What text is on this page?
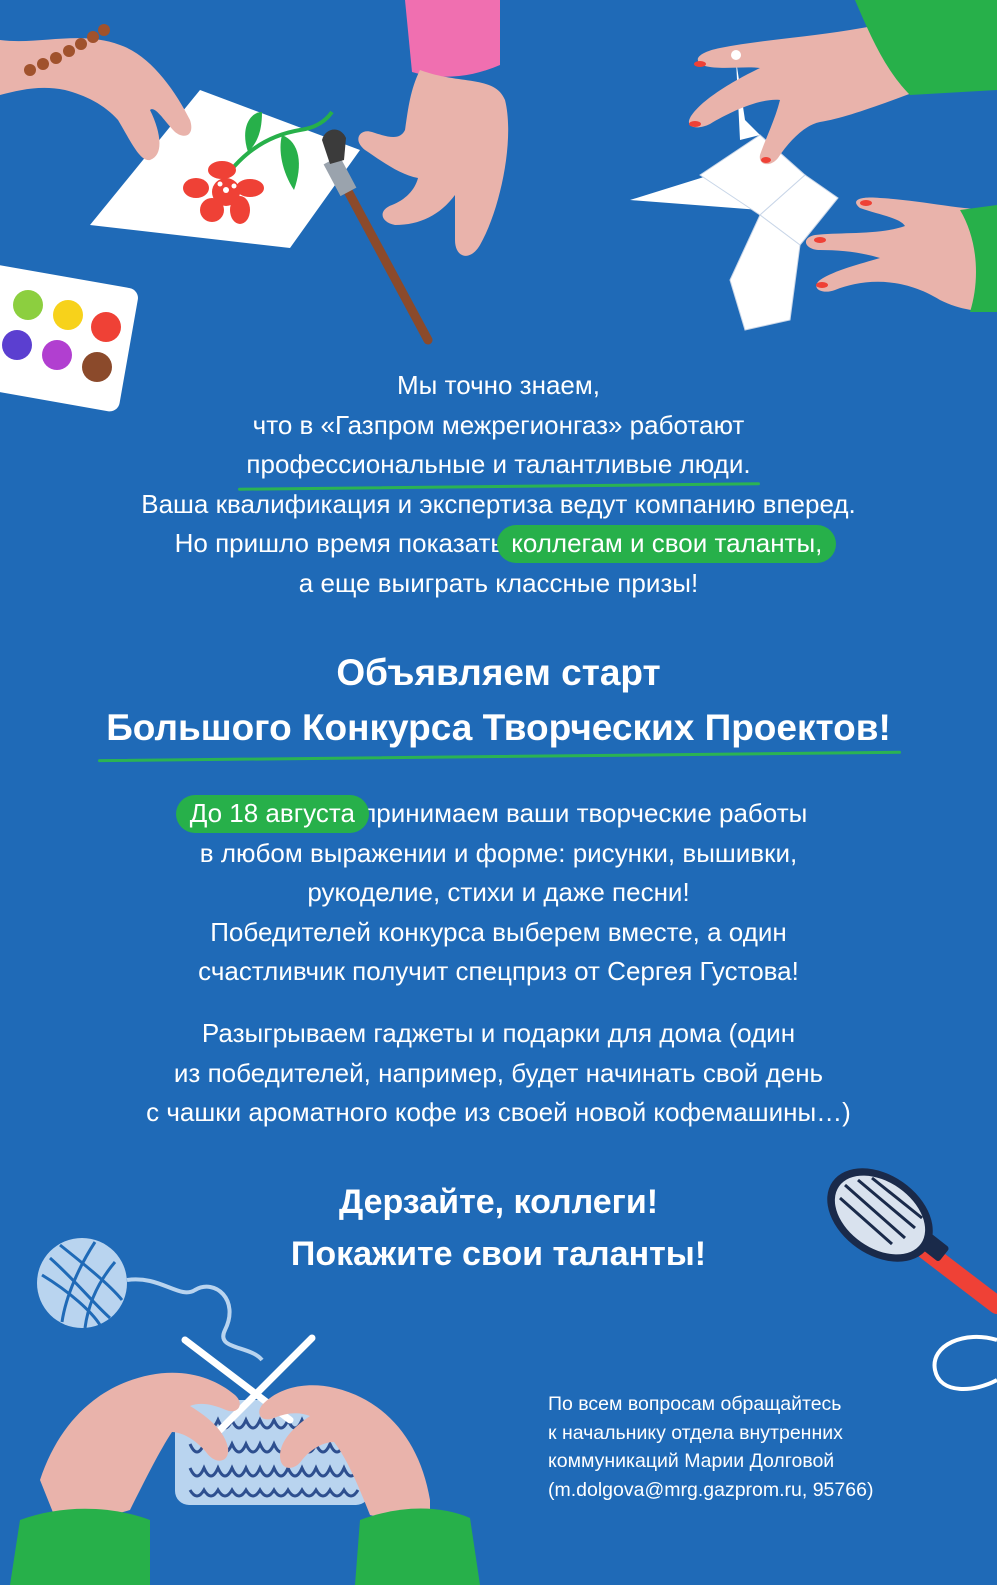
Мы точно знаем,
что в «Газпром межрегионгаз» работают
профессиональные и талантливые люди.
Ваша квалификация и экспертиза ведут компанию вперед.
Но пришло время показать коллегам и свои таланты,
а еще выиграть классные призы!
Объявляем старт
Большого Конкурса Творческих Проектов!
До 18 августа принимаем ваши творческие работы
в любом выражении и форме: рисунки, вышивки,
рукоделие, стихи и даже песни!
Победителей конкурса выберем вместе, а один
счастливчик получит спецприз от Сергея Густова!
Разыгрываем гаджеты и подарки для дома (один
из победителей, например, будет начинать свой день
с чашки ароматного кофе из своей новой кофемашины…)
Дерзайте, коллеги!
Покажите свои таланты!
По всем вопросам обращайтесь
к начальнику отдела внутренних
коммуникаций Марии Долговой
(m.dolgova@mrg.gazprom.ru, 95766)
